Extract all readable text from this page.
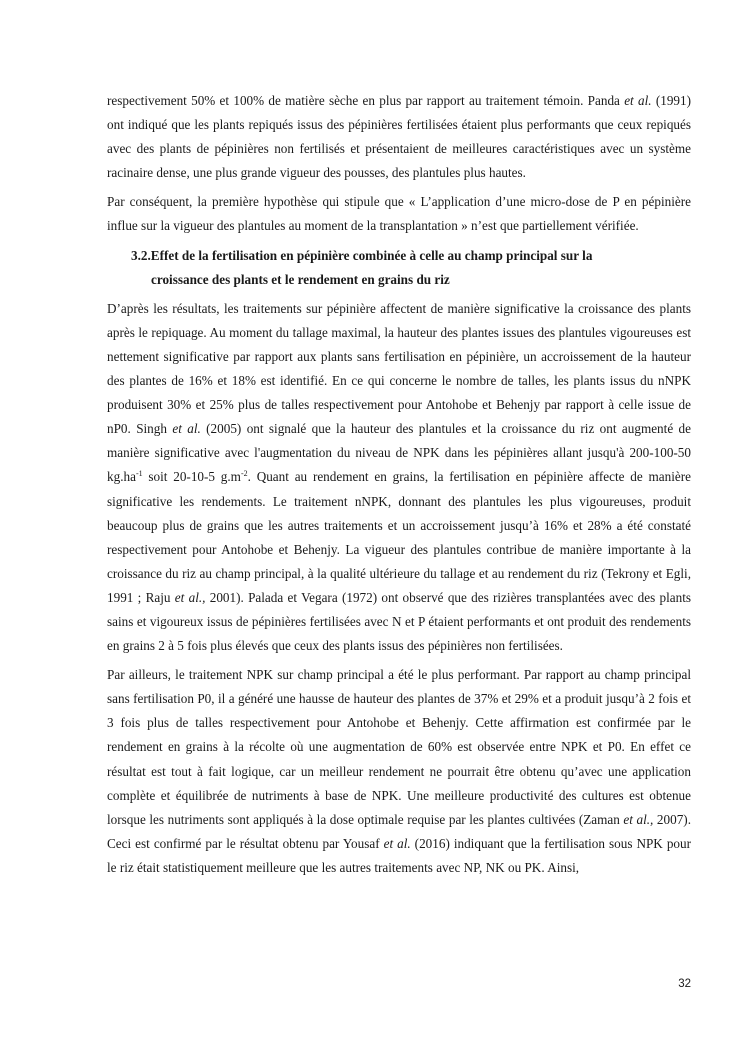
respectivement 50% et 100% de matière sèche en plus par rapport au traitement témoin. Panda et al. (1991) ont indiqué que les plants repiqués issus des pépinières fertilisées étaient plus performants que ceux repiqués avec des plants de pépinières non fertilisés et présentaient de meilleures caractéristiques avec un système racinaire dense, une plus grande vigueur des pousses, des plantules plus hautes.

Par conséquent, la première hypothèse qui stipule que « L’application d’une micro-dose de P en pépinière influe sur la vigueur des plantules au moment de la transplantation » n’est que partiellement vérifiée.

3.2.Effet de la fertilisation en pépinière combinée à celle au champ principal sur la
croissance des plants et le rendement en grains du riz

D’après les résultats, les traitements sur pépinière affectent de manière significative la croissance des plants après le repiquage. Au moment du tallage maximal, la hauteur des plantes issues des plantules vigoureuses est nettement significative par rapport aux plants sans fertilisation en pépinière, un accroissement de la hauteur des plantes de 16% et 18% est identifié. En ce qui concerne le nombre de talles, les plants issus du nNPK produisent 30% et 25% plus de talles respectivement pour Antohobe et Behenjy par rapport à celle issue de nP0. Singh et al. (2005) ont signalé que la hauteur des plantules et la croissance du riz ont augmenté de manière significative avec l'augmentation du niveau de NPK dans les pépinières allant jusqu'à 200-100-50 $kg.ha^{-1}$ soit 20-10-5 $g.m^{-2}$. Quant au rendement en grains, la fertilisation en pépinière affecte de manière significative les rendements. Le traitement nNPK, donnant des plantules les plus vigoureuses, produit beaucoup plus de grains que les autres traitements et un accroissement jusqu’à 16% et 28% a été constaté respectivement pour Antohobe et Behenjy. La vigueur des plantules contribue de manière importante à la croissance du riz au champ principal, à la qualité ultérieure du tallage et au rendement du riz (Tekrony et Egli, 1991 ; Raju et al., 2001). Palada et Vegara (1972) ont observé que des rizières transplantées avec des plants sains et vigoureux issus de pépinières fertilisées avec N et P étaient performants et ont produit des rendements en grains 2 à 5 fois plus élevés que ceux des plants issus des pépinières non fertilisées.

Par ailleurs, le traitement NPK sur champ principal a été le plus performant. Par rapport au champ principal sans fertilisation P0, il a généré une hausse de hauteur des plantes de 37% et 29% et a produit jusqu’à 2 fois et 3 fois plus de talles respectivement pour Antohobe et Behenjy. Cette affirmation est confirmée par le rendement en grains à la récolte où une augmentation de 60% est observée entre NPK et P0. En effet ce résultat est tout à fait logique, car un meilleur rendement ne pourrait être obtenu qu’avec une application complète et équilibrée de nutriments à base de NPK. Une meilleure productivité des cultures est obtenue lorsque les nutriments sont appliqués à la dose optimale requise par les plantes cultivées (Zaman et al., 2007). Ceci est confirmé par le résultat obtenu par Yousaf et al. (2016) indiquant que la fertilisation sous NPK pour le riz était statistiquement meilleure que les autres traitements avec NP, NK ou PK. Ainsi,

32
